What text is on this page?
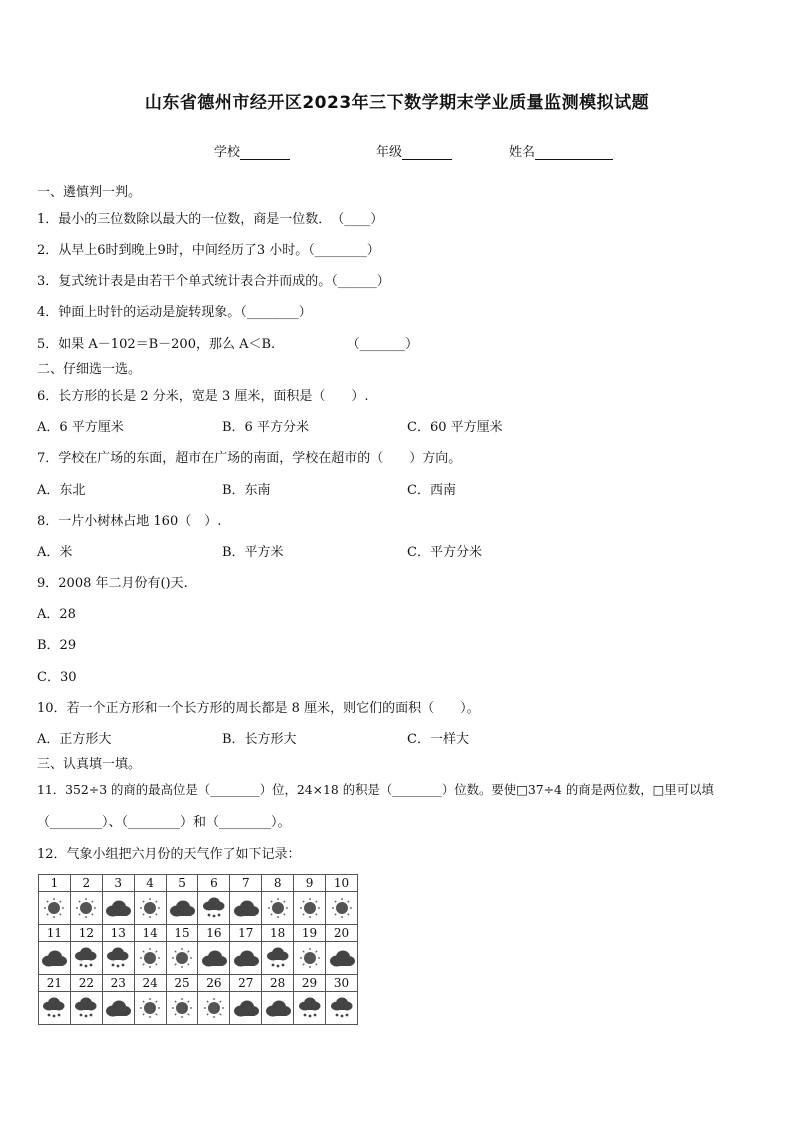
山东省德州市经开区2023年三下数学期末学业质量监测模拟试题
学校	年级	姓名
一、遴慎判一判。
1．最小的三位数除以最大的一位数，商是一位数．　（____）
2．从早上6时到晚上9时，中间经历了3 小时。（________）
3．复式统计表是由若干个单式统计表合并而成的。（______）
4．钟面上时针的运动是旋转现象。（________）
5．如果 A－102＝B－200，那么 A＜B.　　　　　　（_______）
二、仔细选一选。
6．长方形的长是 2 分米，宽是 3 厘米，面积是（　　）.
A．6 平方厘米	B．6 平方分米	C．60 平方厘米
7．学校在广场的东面，超市在广场的南面，学校在超市的（　　）方向。
A．东北	B．东南	C．西南
8．一片小树林占地 160（　）.
A．米	B．平方米	C．平方分米
9．2008 年二月份有()天.
A．28
B．29
C．30
10．若一个正方形和一个长方形的周长都是 8 厘米，则它们的面积（　　）。
A．正方形大	B．长方形大	C．一样大
三、认真填一填。
11．352÷3 的商的最高位是（________）位，24×18 的积是（________）位数。要使□37÷4 的商是两位数，□里可以填
（________）、（________）和（________）。
12．气象小组把六月份的天气作了如下记录：
1	2	3	4	5	6	7	8	9	10

11	12	13	14	15	16	17	18	19	20

21	22	23	24	25	26	27	28	29	30
